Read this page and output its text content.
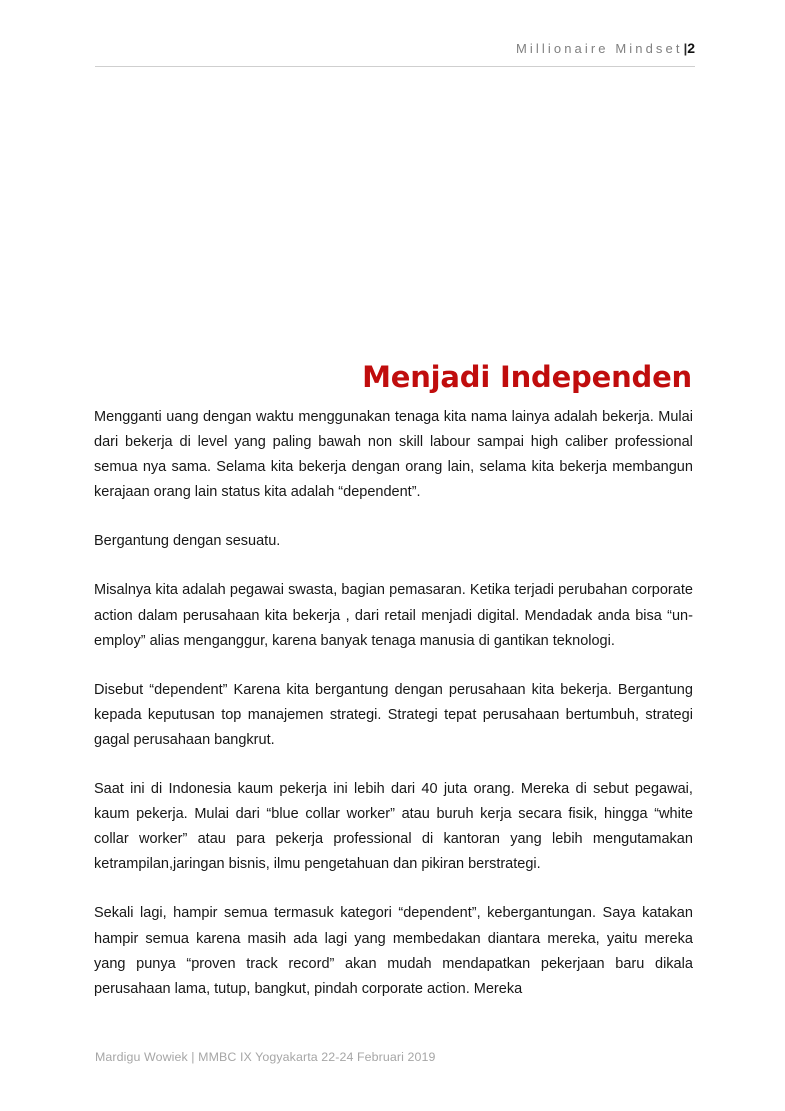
Millionaire Mindset|2
Menjadi Independen

Mengganti uang dengan waktu menggunakan tenaga kita nama lainya adalah bekerja. Mulai dari bekerja di level yang paling bawah non skill labour sampai high caliber professional semua nya sama. Selama kita bekerja dengan orang lain, selama kita bekerja membangun kerajaan orang lain status kita adalah “dependent”.

Bergantung dengan sesuatu.

Misalnya kita adalah pegawai swasta, bagian pemasaran. Ketika terjadi perubahan corporate action dalam perusahaan kita bekerja , dari retail menjadi digital. Mendadak anda bisa “un-employ” alias menganggur, karena banyak tenaga manusia di gantikan teknologi.

Disebut “dependent” Karena kita bergantung dengan perusahaan kita bekerja. Bergantung kepada keputusan top manajemen strategi. Strategi tepat perusahaan bertumbuh, strategi gagal perusahaan bangkrut.

Saat ini di Indonesia kaum pekerja ini lebih dari 40 juta orang. Mereka di sebut pegawai, kaum pekerja. Mulai dari “blue collar worker” atau buruh kerja secara fisik, hingga “white collar worker” atau para pekerja professional di kantoran yang lebih mengutamakan ketrampilan,jaringan bisnis, ilmu pengetahuan dan pikiran berstrategi.

Sekali lagi, hampir semua termasuk kategori “dependent”, kebergantungan. Saya katakan hampir semua karena masih ada lagi yang membedakan diantara mereka, yaitu mereka yang punya “proven track record” akan mudah mendapatkan pekerjaan baru dikala perusahaan lama, tutup, bangkut, pindah corporate action. Mereka

Mardigu Wowiek | MMBC IX Yogyakarta 22-24 Februari 2019
